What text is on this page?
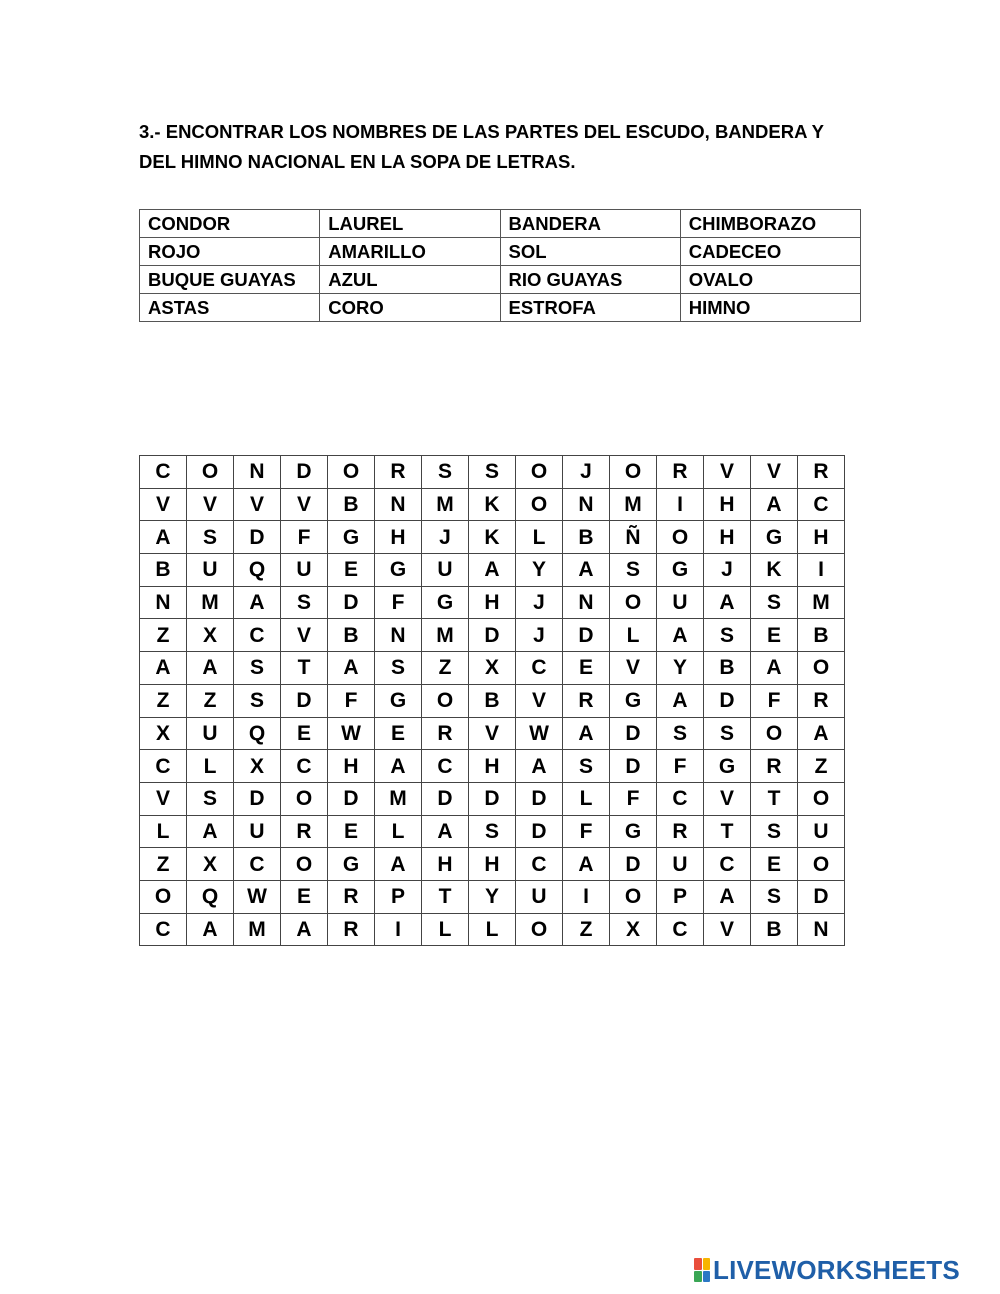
3.- ENCONTRAR LOS NOMBRES DE LAS PARTES DEL ESCUDO, BANDERA Y
DEL HIMNO NACIONAL EN LA SOPA DE LETRAS.

CONDOR	LAUREL	BANDERA	CHIMBORAZO
ROJO	AMARILLO	SOL	CADECEO
BUQUE GUAYAS	AZUL	RIO GUAYAS	OVALO
ASTAS	CORO	ESTROFA	HIMNO
C	O	N	D	O	R	S	S	O	J	O	R	V	V	R
V	V	V	V	B	N	M	K	O	N	M	I	H	A	C
A	S	D	F	G	H	J	K	L	B	Ñ	O	H	G	H
B	U	Q	U	E	G	U	A	Y	A	S	G	J	K	I
N	M	A	S	D	F	G	H	J	N	O	U	A	S	M
Z	X	C	V	B	N	M	D	J	D	L	A	S	E	B
A	A	S	T	A	S	Z	X	C	E	V	Y	B	A	O
Z	Z	S	D	F	G	O	B	V	R	G	A	D	F	R
X	U	Q	E	W	E	R	V	W	A	D	S	S	O	A
C	L	X	C	H	A	C	H	A	S	D	F	G	R	Z
V	S	D	O	D	M	D	D	D	L	F	C	V	T	O
L	A	U	R	E	L	A	S	D	F	G	R	T	S	U
Z	X	C	O	G	A	H	H	C	A	D	U	C	E	O
O	Q	W	E	R	P	T	Y	U	I	O	P	A	S	D
C	A	M	A	R	I	L	L	O	Z	X	C	V	B	N
LIVEWORKSHEETS
